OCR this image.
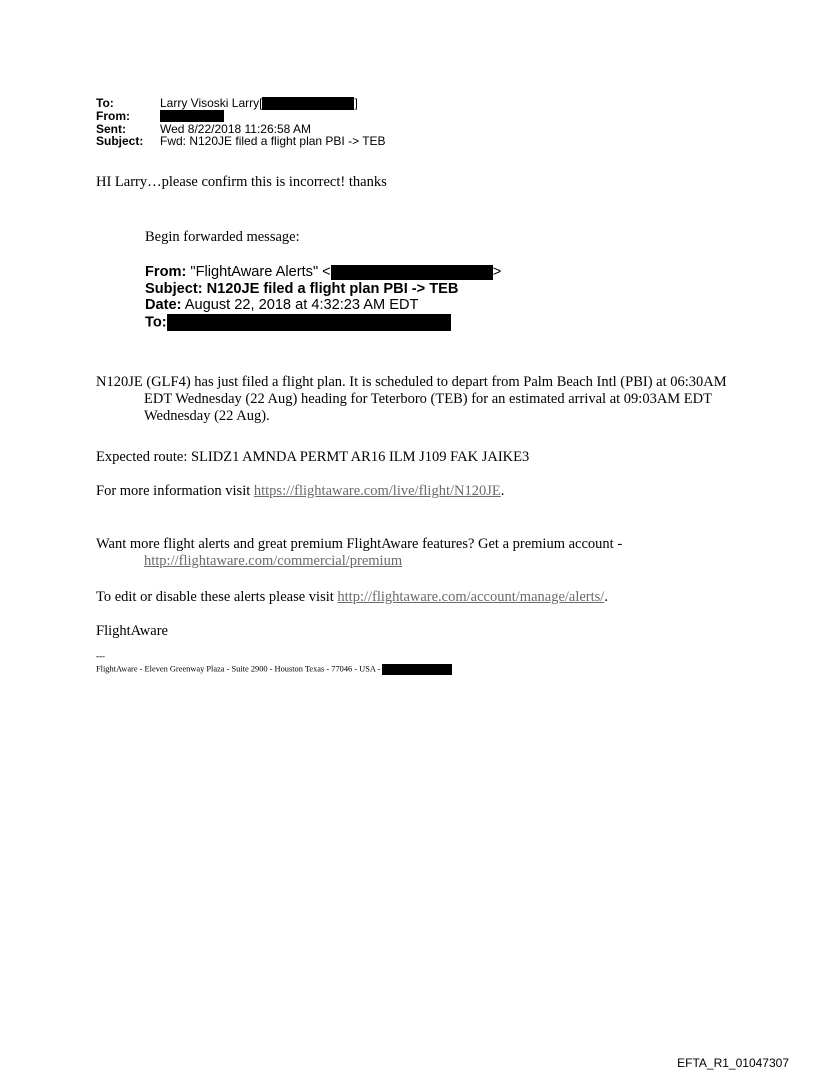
To:	Larry Visoski Larry[	]
From:
Sent:	Wed 8/22/2018 11:26:58 AM
Subject:	Fwd: N120JE filed a flight plan PBI -> TEB
HI Larry…please confirm this is incorrect! thanks
Begin forwarded message:
From: "FlightAware Alerts" <	>
Subject: N120JE filed a flight plan PBI -> TEB
Date: August 22, 2018 at 4:32:23 AM EDT
To:
N120JE (GLF4) has just filed a flight plan. It is scheduled to depart from Palm Beach Intl (PBI) at 06:30AM EDT Wednesday (22 Aug) heading for Teterboro (TEB) for an estimated arrival at 09:03AM EDT Wednesday (22 Aug).
Expected route: SLIDZ1 AMNDA PERMT AR16 ILM J109 FAK JAIKE3
For more information visit https://flightaware.com/live/flight/N120JE.
Want more flight alerts and great premium FlightAware features? Get a premium account - http://flightaware.com/commercial/premium
To edit or disable these alerts please visit http://flightaware.com/account/manage/alerts/.
FlightAware
---
FlightAware - Eleven Greenway Plaza - Suite 2900 - Houston Texas - 77046 - USA -
EFTA_R1_01047307
